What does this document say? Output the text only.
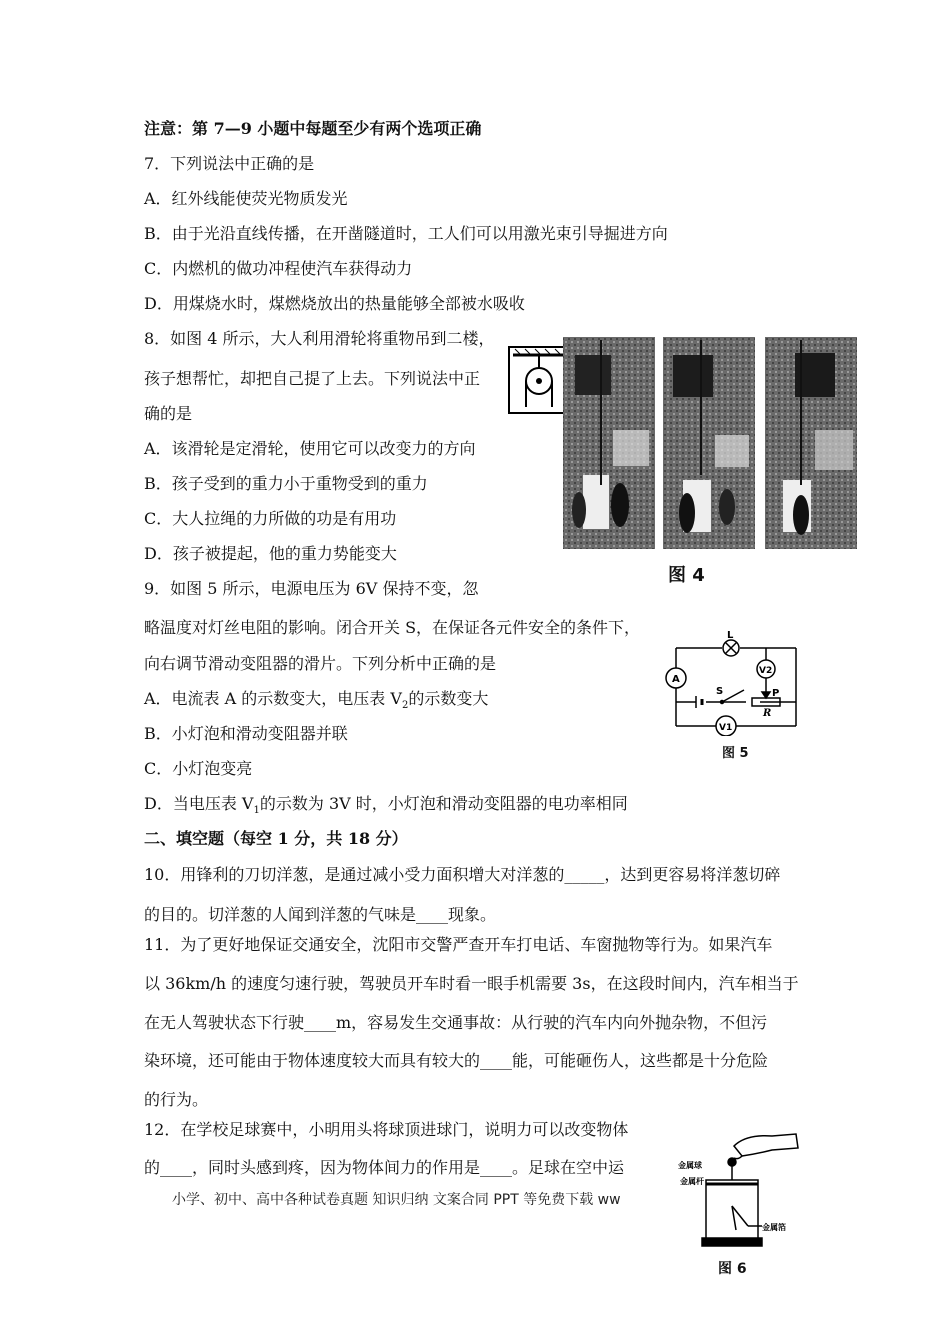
注意：第 7—9 小题中每题至少有两个选项正确
7．下列说法中正确的是
A．红外线能使荧光物质发光
B．由于光沿直线传播，在开凿隧道时，工人们可以用激光束引导掘进方向
C．内燃机的做功冲程使汽车获得动力
D．用煤烧水时，煤燃烧放出的热量能够全部被水吸收
8．如图 4 所示，大人利用滑轮将重物吊到二楼，
孩子想帮忙，却把自己提了上去。下列说法中正
确的是
A．该滑轮是定滑轮，使用它可以改变力的方向
B．孩子受到的重力小于重物受到的重力
C．大人拉绳的力所做的功是有用功
D．孩子被提起，他的重力势能变大
9．如图 5 所示，电源电压为 6V 保持不变，忽
略温度对灯丝电阻的影响。闭合开关 S，在保证各元件安全的条件下，
向右调节滑动变阻器的滑片。下列分析中正确的是
A．电流表 A 的示数变大，电压表 $V_2$的示数变大
B．小灯泡和滑动变阻器并联
C．小灯泡变亮
D．当电压表 $V_1$的示数为 3V 时，小灯泡和滑动变阻器的电功率相同
二、填空题（每空 1 分，共 18 分）
10．用锋利的刀切洋葱，是通过减小受力面积增大对洋葱的_____，达到更容易将洋葱切碎
的目的。切洋葱的人闻到洋葱的气味是____现象。
11．为了更好地保证交通安全，沈阳市交警严查开车打电话、车窗抛物等行为。如果汽车
以 36km/h 的速度匀速行驶，驾驶员开车时看一眼手机需要 3s，在这段时间内，汽车相当于
在无人驾驶状态下行驶____m，容易发生交通事故：从行驶的汽车内向外抛杂物，不但污
染环境，还可能由于物体速度较大而具有较大的____能，可能砸伤人，这些都是十分危险
的行为。
12．在学校足球赛中，小明用头将球顶进球门，说明力可以改变物体
的____，同时头感到疼，因为物体间力的作用是____。足球在空中运
小学、初中、高中各种试卷真题 知识归纳 文案合同 PPT 等免费下载 ww
图 4
L
A
V2
V1
S	P
R
图 5
金属球
金属杆
金属箔
图 6
